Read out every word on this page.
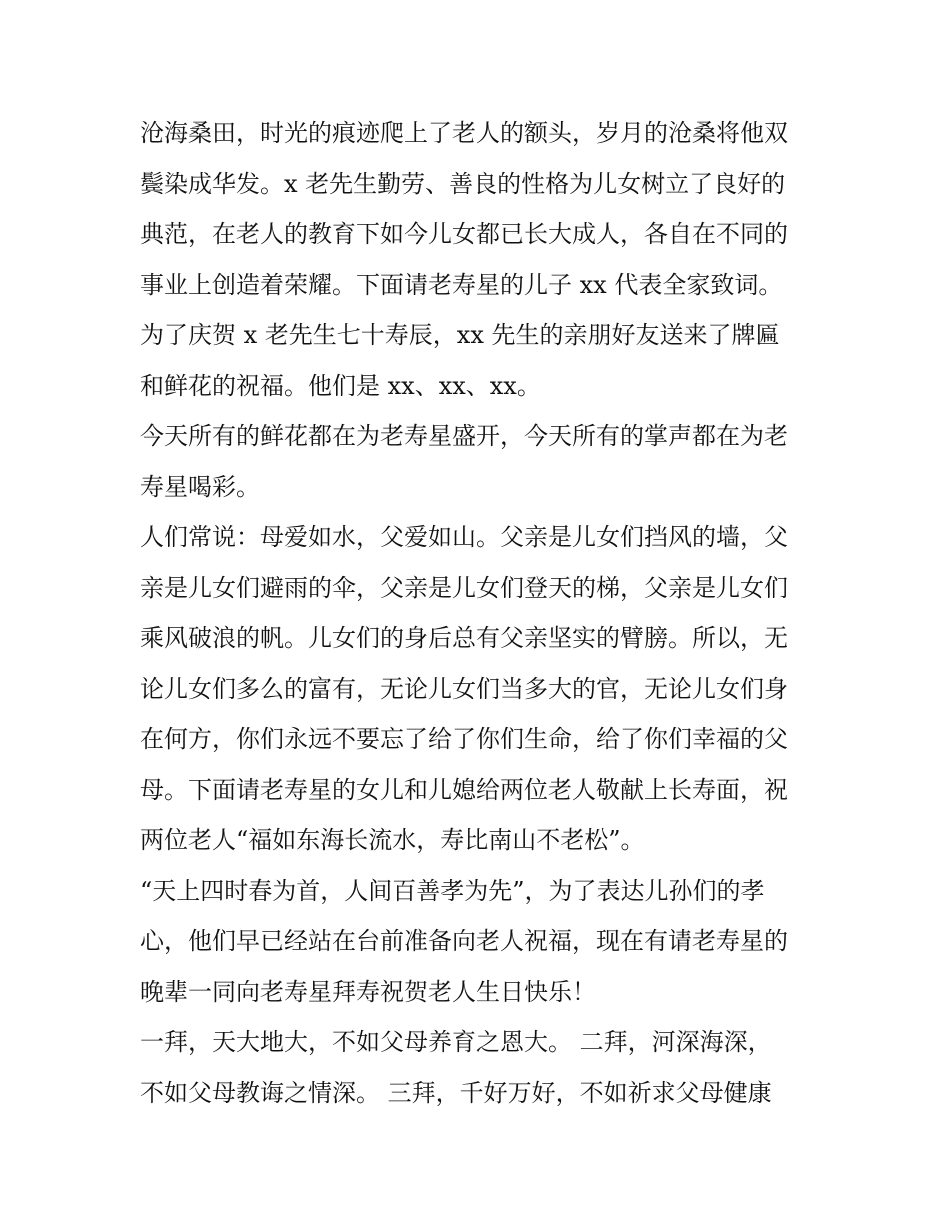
沧海桑田，时光的痕迹爬上了老人的额头，岁月的沧桑将他双
鬓染成华发。x 老先生勤劳、善良的性格为儿女树立了良好的
典范，在老人的教育下如今儿女都已长大成人，各自在不同的
事业上创造着荣耀。下面请老寿星的儿子 xx 代表全家致词。
为了庆贺 x 老先生七十寿辰，xx 先生的亲朋好友送来了牌匾
和鲜花的祝福。他们是 xx、xx、xx。
今天所有的鲜花都在为老寿星盛开，今天所有的掌声都在为老
寿星喝彩。
人们常说：母爱如水，父爱如山。父亲是儿女们挡风的墙，父
亲是儿女们避雨的伞，父亲是儿女们登天的梯，父亲是儿女们
乘风破浪的帆。儿女们的身后总有父亲坚实的臂膀。所以，无
论儿女们多么的富有，无论儿女们当多大的官，无论儿女们身
在何方，你们永远不要忘了给了你们生命，给了你们幸福的父
母。下面请老寿星的女儿和儿媳给两位老人敬献上长寿面，祝
两位老人“福如东海长流水，寿比南山不老松”。
“天上四时春为首，人间百善孝为先”，为了表达儿孙们的孝
心，他们早已经站在台前准备向老人祝福，现在有请老寿星的
晚辈一同向老寿星拜寿祝贺老人生日快乐！
一拜，天大地大，不如父母养育之恩大。 二拜，河深海深，
不如父母教诲之情深。 三拜，千好万好，不如祈求父母健康
